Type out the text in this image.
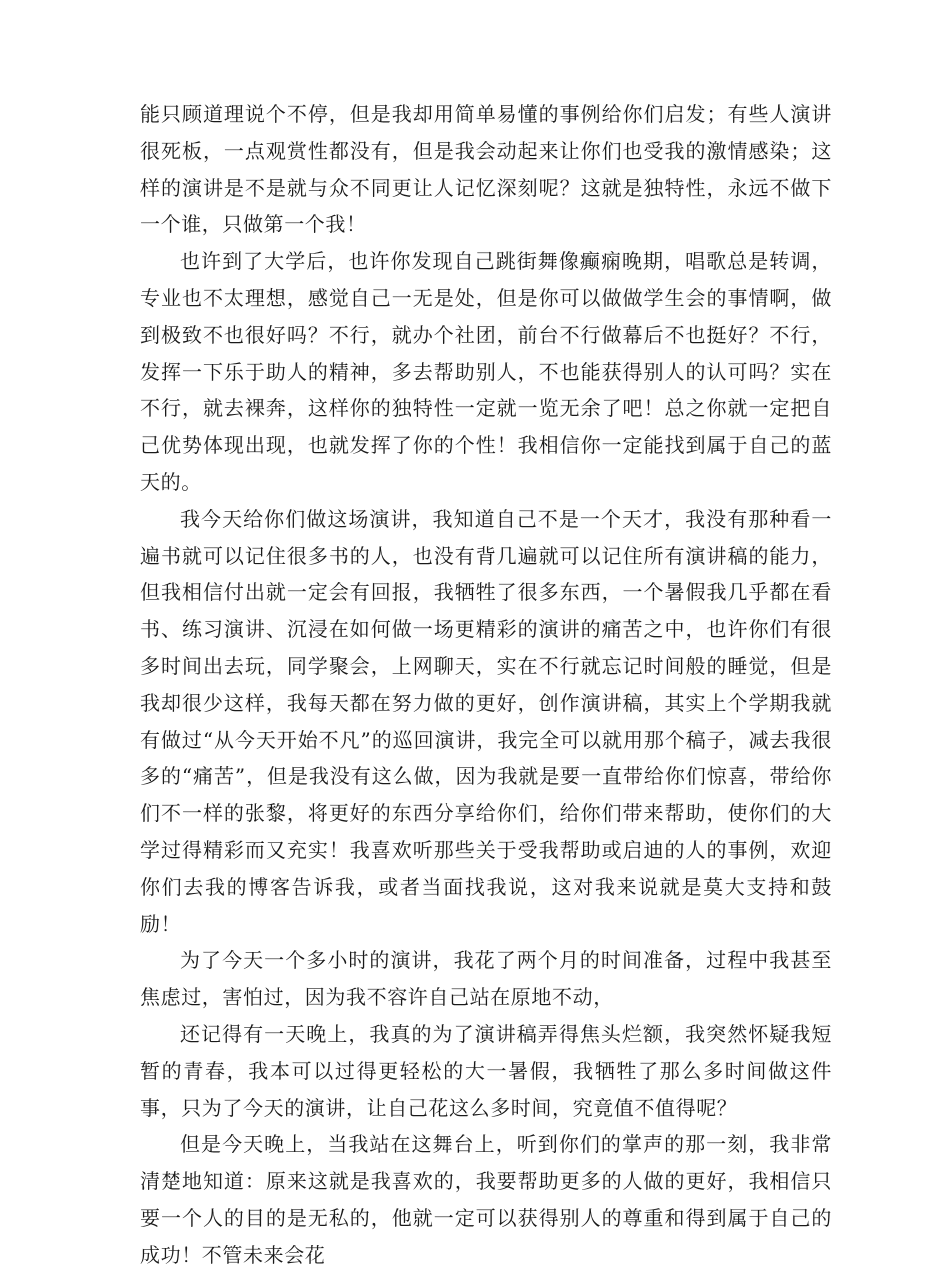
能只顾道理说个不停，但是我却用简单易懂的事例给你们启发；有些人演讲很死板，一点观赏性都没有，但是我会动起来让你们也受我的激情感染；这样的演讲是不是就与众不同更让人记忆深刻呢？这就是独特性，永远不做下一个谁，只做第一个我！

也许到了大学后，也许你发现自己跳街舞像癫痫晚期，唱歌总是转调，专业也不太理想，感觉自己一无是处，但是你可以做做学生会的事情啊，做到极致不也很好吗？不行，就办个社团，前台不行做幕后不也挺好？不行，发挥一下乐于助人的精神，多去帮助别人，不也能获得别人的认可吗？实在不行，就去裸奔，这样你的独特性一定就一览无余了吧！总之你就一定把自己优势体现出现，也就发挥了你的个性！我相信你一定能找到属于自己的蓝天的。

我今天给你们做这场演讲，我知道自己不是一个天才，我没有那种看一遍书就可以记住很多书的人，也没有背几遍就可以记住所有演讲稿的能力，但我相信付出就一定会有回报，我牺牲了很多东西，一个暑假我几乎都在看书、练习演讲、沉浸在如何做一场更精彩的演讲的痛苦之中，也许你们有很多时间出去玩，同学聚会，上网聊天，实在不行就忘记时间般的睡觉，但是我却很少这样，我每天都在努力做的更好，创作演讲稿，其实上个学期我就有做过“从今天开始不凡”的巡回演讲，我完全可以就用那个稿子，减去我很多的“痛苦”，但是我没有这么做，因为我就是要一直带给你们惊喜，带给你们不一样的张黎，将更好的东西分享给你们，给你们带来帮助，使你们的大学过得精彩而又充实！我喜欢听那些关于受我帮助或启迪的人的事例，欢迎你们去我的博客告诉我，或者当面找我说，这对我来说就是莫大支持和鼓励！

为了今天一个多小时的演讲，我花了两个月的时间准备，过程中我甚至焦虑过，害怕过，因为我不容许自己站在原地不动，

还记得有一天晚上，我真的为了演讲稿弄得焦头烂额，我突然怀疑我短暂的青春，我本可以过得更轻松的大一暑假，我牺牲了那么多时间做这件事，只为了今天的演讲，让自己花这么多时间，究竟值不值得呢？

但是今天晚上，当我站在这舞台上，听到你们的掌声的那一刻，我非常清楚地知道：原来这就是我喜欢的，我要帮助更多的人做的更好，我相信只要一个人的目的是无私的，他就一定可以获得别人的尊重和得到属于自己的成功！不管未来会花
